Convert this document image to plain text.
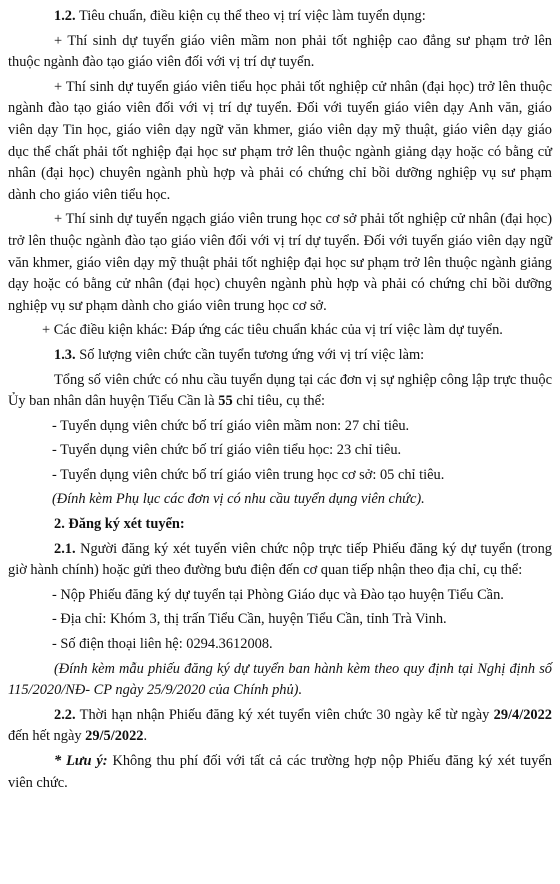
1.2. Tiêu chuẩn, điều kiện cụ thể theo vị trí việc làm tuyển dụng:

+ Thí sinh dự tuyển giáo viên mầm non phải tốt nghiệp cao đẳng sư phạm trở lên thuộc ngành đào tạo giáo viên đối với vị trí dự tuyển.

+ Thí sinh dự tuyển giáo viên tiểu học phải tốt nghiệp cử nhân (đại học) trở lên thuộc ngành đào tạo giáo viên đối với vị trí dự tuyển. Đối với tuyển giáo viên dạy Anh văn, giáo viên dạy Tin học, giáo viên dạy ngữ văn khmer, giáo viên dạy mỹ thuật, giáo viên dạy giáo dục thể chất phải tốt nghiệp đại học sư phạm trở lên thuộc ngành giảng dạy hoặc có bằng cử nhân (đại học) chuyên ngành phù hợp và phải có chứng chỉ bồi dưỡng nghiệp vụ sư phạm dành cho giáo viên tiểu học.

+ Thí sinh dự tuyển ngạch giáo viên trung học cơ sở phải tốt nghiệp cử nhân (đại học) trở lên thuộc ngành đào tạo giáo viên đối với vị trí dự tuyển. Đối với tuyển giáo viên dạy ngữ văn khmer, giáo viên dạy mỹ thuật phải tốt nghiệp đại học sư phạm trở lên thuộc ngành giảng dạy hoặc có bằng cử nhân (đại học) chuyên ngành phù hợp và phải có chứng chỉ bồi dưỡng nghiệp vụ sư phạm dành cho giáo viên trung học cơ sở.

+ Các điều kiện khác: Đáp ứng các tiêu chuẩn khác của vị trí việc làm dự tuyển.

1.3. Số lượng viên chức cần tuyển tương ứng với vị trí việc làm:

Tổng số viên chức có nhu cầu tuyển dụng tại các đơn vị sự nghiệp công lập trực thuộc Ủy ban nhân dân huyện Tiểu Cần là 55 chỉ tiêu, cụ thể:

- Tuyển dụng viên chức bố trí giáo viên mầm non: 27 chỉ tiêu.

- Tuyển dụng viên chức bố trí giáo viên tiểu học: 23 chỉ tiêu.

- Tuyển dụng viên chức bố trí giáo viên trung học cơ sở: 05 chỉ tiêu.

(Đính kèm Phụ lục các đơn vị có nhu cầu tuyển dụng viên chức).

2. Đăng ký xét tuyển:

2.1. Người đăng ký xét tuyển viên chức nộp trực tiếp Phiếu đăng ký dự tuyển (trong giờ hành chính) hoặc gửi theo đường bưu điện đến cơ quan tiếp nhận theo địa chỉ, cụ thể:

- Nộp Phiếu đăng ký dự tuyển tại Phòng Giáo dục và Đào tạo huyện Tiểu Cần.

- Địa chỉ: Khóm 3, thị trấn Tiểu Cần, huyện Tiểu Cần, tỉnh Trà Vinh.

- Số điện thoại liên hệ: 0294.3612008.

(Đính kèm mẫu phiếu đăng ký dự tuyển ban hành kèm theo quy định tại Nghị định số 115/2020/NĐ- CP ngày 25/9/2020 của Chính phủ).

2.2. Thời hạn nhận Phiếu đăng ký xét tuyển viên chức 30 ngày kể từ ngày 29/4/2022 đến hết ngày 29/5/2022.

* Lưu ý: Không thu phí đối với tất cả các trường hợp nộp Phiếu đăng ký xét tuyển viên chức.
